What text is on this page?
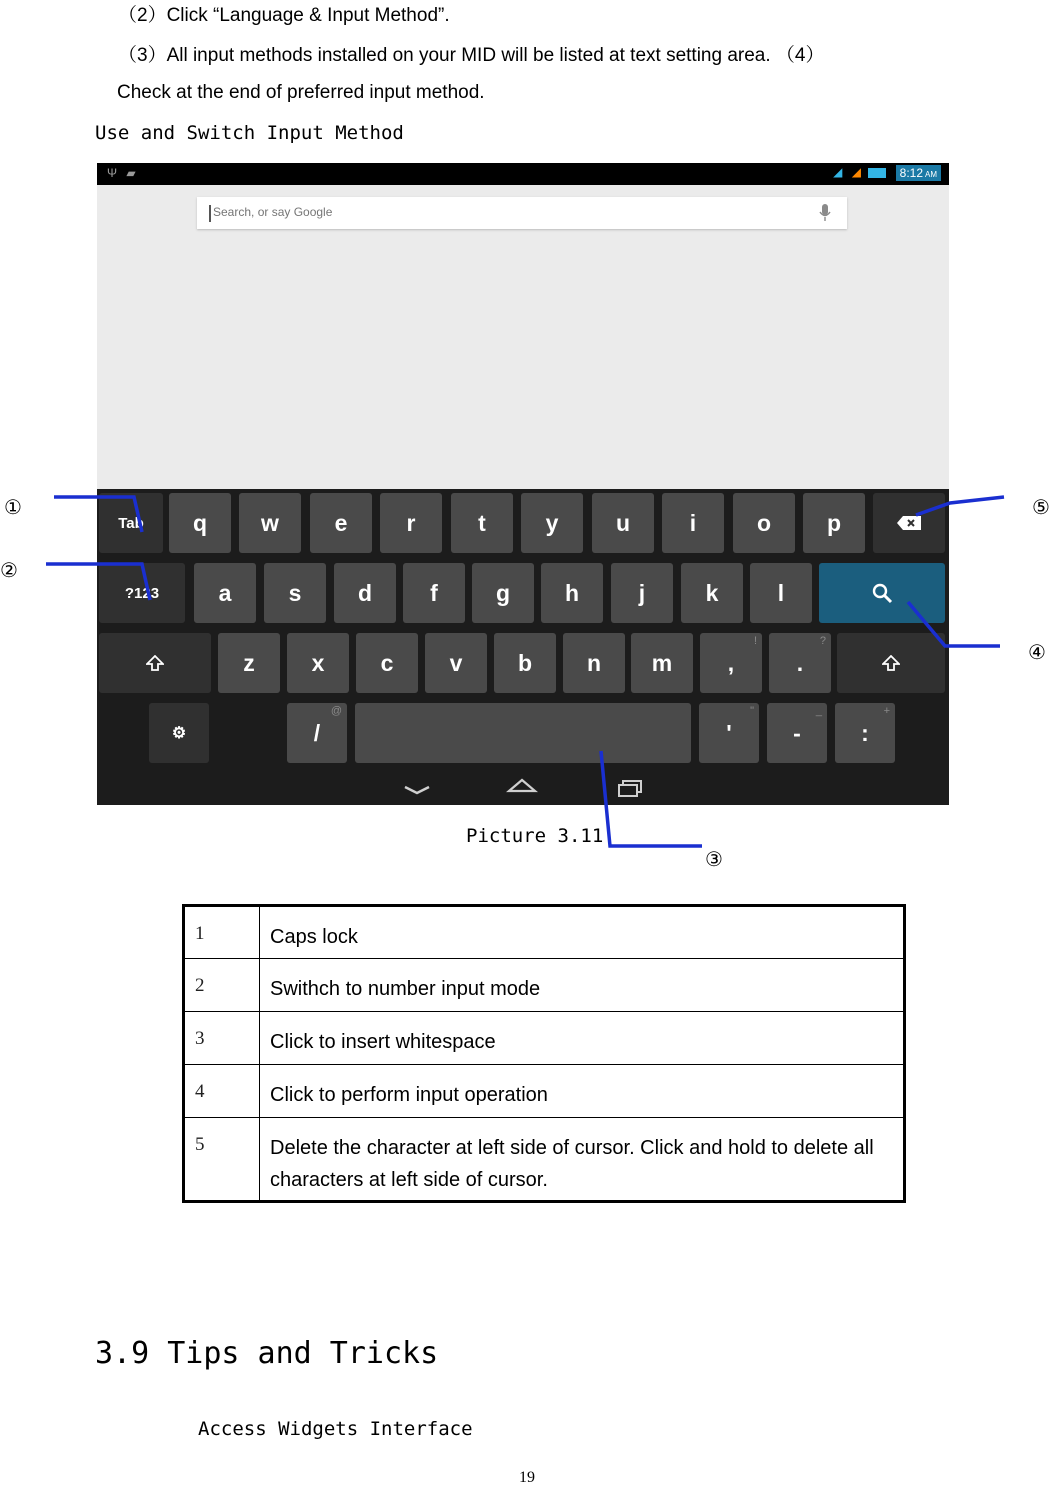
（2）Click “Language & Input Method”.
（3）All input methods installed on your MID will be listed at text setting area. （4）
Check at the end of preferred input method.
Use and Switch Input Method
Ψ ▰	◢ ◢	8:12 AM
Search, or say Google
Tab	q	w	e	r	t	y	u	i	o	p
?123	a	s	d	f	g	h	j	k	l
z	x	c	v	b	n	m	,
!
.
?
⚙	/
@
'
"
-
_
:
+
①
②
③
④
⑤
Picture 3.11
1	Caps lock
2	Swithch to number input mode
3	Click to insert whitespace
4	Click to perform input operation
5	Delete the character at left side of cursor. Click and hold to delete all characters at left side of cursor.
3.9 Tips and Tricks
Access Widgets Interface
19
